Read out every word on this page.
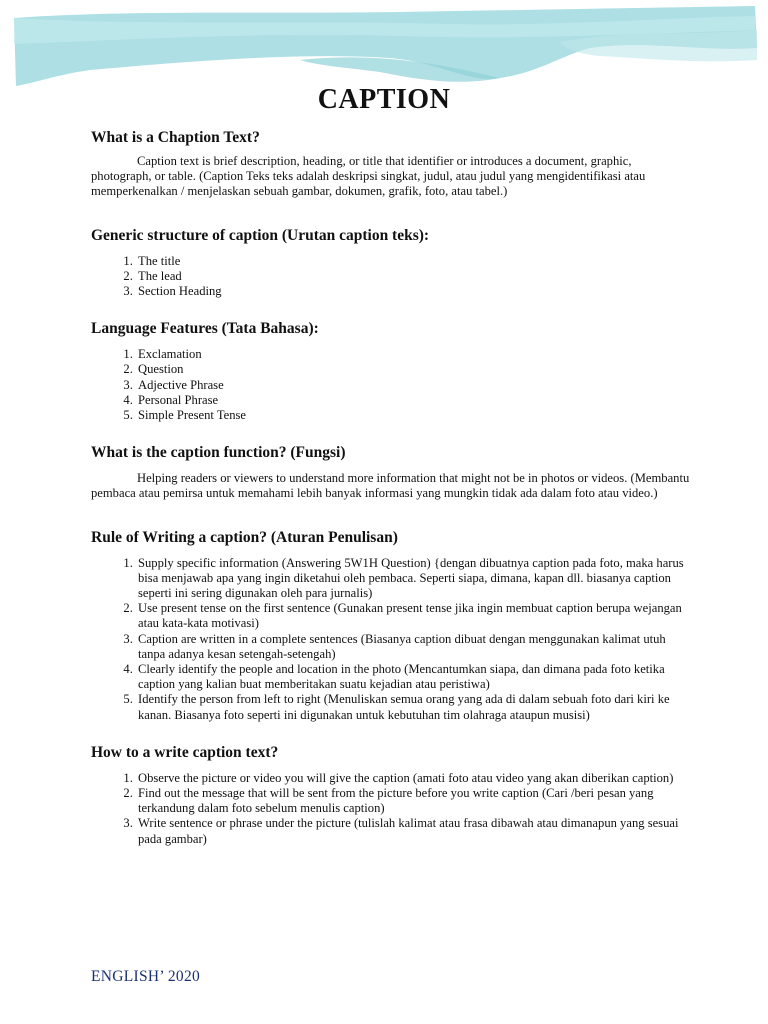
CAPTION
What is a Chaption Text?

Caption text is brief description, heading, or title that identifier or introduces a document, graphic, photograph, or table. (Caption Teks teks adalah deskripsi singkat, judul, atau judul yang mengidentifikasi atau memperkenalkan / menjelaskan sebuah gambar, dokumen, grafik, foto, atau tabel.)

Generic structure of caption (Urutan caption teks):
1. The title
2. The lead
3. Section Heading
Language Features (Tata Bahasa):
1. Exclamation
2. Question
3. Adjective Phrase
4. Personal Phrase
5. Simple Present Tense
What is the caption function? (Fungsi)

Helping readers or viewers to understand more information that might not be in photos or videos. (Membantu pembaca atau pemirsa untuk memahami lebih banyak informasi yang mungkin tidak ada dalam foto atau video.)

Rule of Writing a caption? (Aturan Penulisan)
1. Supply specific information (Answering 5W1H Question) {dengan dibuatnya caption pada foto, maka harus bisa menjawab apa yang ingin diketahui oleh pembaca. Seperti siapa, dimana, kapan dll. biasanya caption seperti ini sering digunakan oleh para jurnalis)
2. Use present tense on the first sentence (Gunakan present tense jika ingin membuat caption berupa wejangan atau kata-kata motivasi)
3. Caption are written in a complete sentences (Biasanya caption dibuat dengan menggunakan kalimat utuh tanpa adanya kesan setengah-setengah)
4. Clearly identify the people and location in the photo (Mencantumkan siapa, dan dimana pada foto ketika caption yang kalian buat memberitakan suatu kejadian atau peristiwa)
5. Identify the person from left to right (Menuliskan semua orang yang ada di dalam sebuah foto dari kiri ke kanan. Biasanya foto seperti ini digunakan untuk kebutuhan tim olahraga ataupun musisi)
How to a write caption text?
1. Observe the picture or video you will give the caption (amati foto atau video yang akan diberikan caption)
2. Find out the message that will be sent from the picture before you write caption (Cari /beri pesan yang terkandung dalam foto sebelum menulis caption)
3. Write sentence or phrase under the picture (tulislah kalimat atau frasa dibawah atau dimanapun yang sesuai pada gambar)
ENGLISH’ 2020
